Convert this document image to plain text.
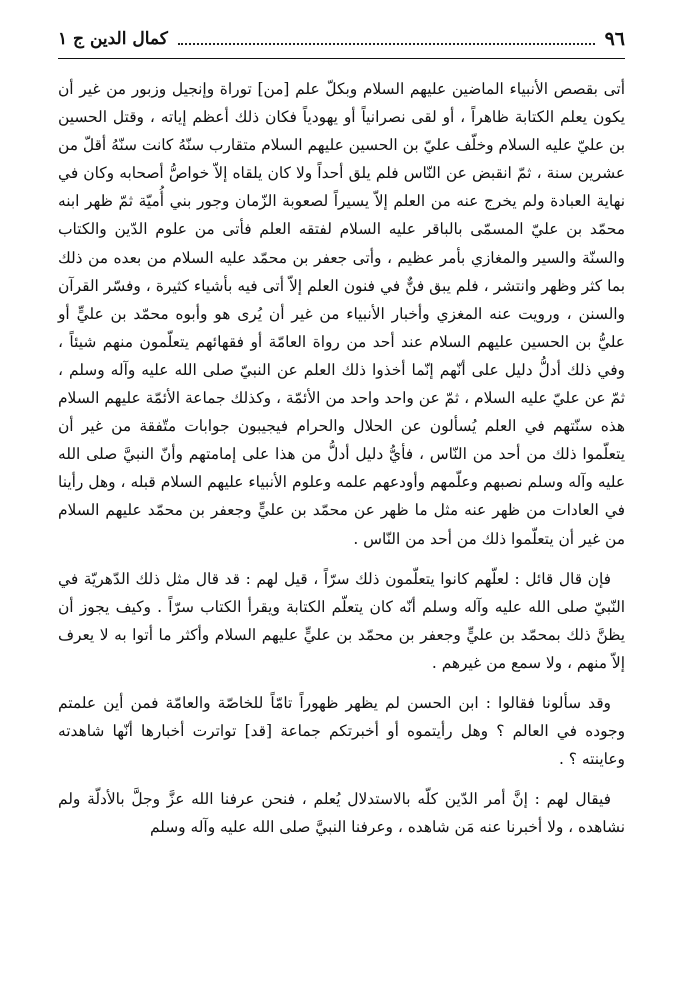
٩٦
كمال الدين ج ١

أتى بقصص الأنبياء الماضين عليهم السلام وبكلّ علم [من] توراة وإنجيل وزبور من غير أن يكون يعلم الكتابة ظاهراً ، أو لقى نصرانياً أو يهودياً فكان ذلك أعظم إياته ، وقتل الحسين بن عليّ عليه السلام وخلّف عليّ بن الحسين عليهم السلام متقارب سنّهُ كانت سنّهُ أقلّ من عشرين سنة ، ثمّ انقبض عن النّاس فلم يلق أحداً ولا كان يلقاه إلاّ خواصُّ أصحابه وكان في نهاية العبادة ولم يخرج عنه من العلم إلاّ يسيراً لصعوبة الزّمان وجور بني أُميّة ثمّ ظهر ابنه محمّد بن عليّ المسمّى بالباقر عليه السلام لفتقه العلم فأتى من علوم الدّين والكتاب والسنّة والسير والمغازي بأمر عظيم ، وأتى جعفر بن محمّد عليه السلام من بعده من ذلك بما كثر وظهر وانتشر ، فلم يبق فنٌّ في فنون العلم إلاّ أتى فيه بأشياء كثيرة ، وفسّر القرآن والسنن ، ورويت عنه المغزي وأخبار الأنبياء من غير أن يُرى هو وأبوه محمّد بن عليٍّ أو عليُّ بن الحسين عليهم السلام عند أحد من رواة العامّة أو فقهائهم يتعلّمون منهم شيئاً ، وفي ذلك أدلُّ دليل على أنّهم إنّما أخذوا ذلك العلم عن النبيّ صلى الله عليه وآله وسلم ، ثمّ عن عليّ عليه السلام ، ثمّ عن واحد واحد من الأئمّة ، وكذلك جماعة الأئمّة عليهم السلام هذه سنّتهم في العلم يُسألون عن الحلال والحرام فيجيبون جوابات متّفقة من غير أن يتعلّموا ذلك من أحد من النّاس ، فأيُّ دليل أدلُّ من هذا على إمامتهم وأنّ النبيَّ صلى الله عليه وآله وسلم نصبهم وعلّمهم وأودعهم علمه وعلوم الأنبياء عليهم السلام قبله ، وهل رأينا في العادات من ظهر عنه مثل ما ظهر عن محمّد بن عليٍّ وجعفر بن محمّد عليهم السلام من غير أن يتعلّموا ذلك من أحد من النّاس .

فإن قال قائل : لعلّهم كانوا يتعلّمون ذلك سرّاً ، قيل لهم : قد قال مثل ذلك الدّهريّة في النّبيّ صلى الله عليه وآله وسلم أنّه كان يتعلّم الكتابة ويقرأ الكتاب سرّاً . وكيف يجوز أن يظنَّ ذلك بمحمّد بن عليٍّ وجعفر بن محمّد بن عليٍّ عليهم السلام وأكثر ما أتوا به لا يعرف إلاّ منهم ، ولا سمع من غيرهم .

وقد سألونا فقالوا : ابن الحسن لم يظهر ظهوراً تامّاً للخاصّة والعامّة فمن أين علمتم وجوده في العالم ؟ وهل رأيتموه أو أخبرتكم جماعة [قد] تواترت أخبارها أنّها شاهدته وعاينته ؟ .

فيقال لهم : إنَّ أمر الدّين كلّه بالاستدلال يُعلم ، فنحن عرفنا الله عزَّ وجلَّ بالأدلّة ولم نشاهده ، ولا أخبرنا عنه مَن شاهده ، وعرفنا النبيَّ صلى الله عليه وآله وسلم
